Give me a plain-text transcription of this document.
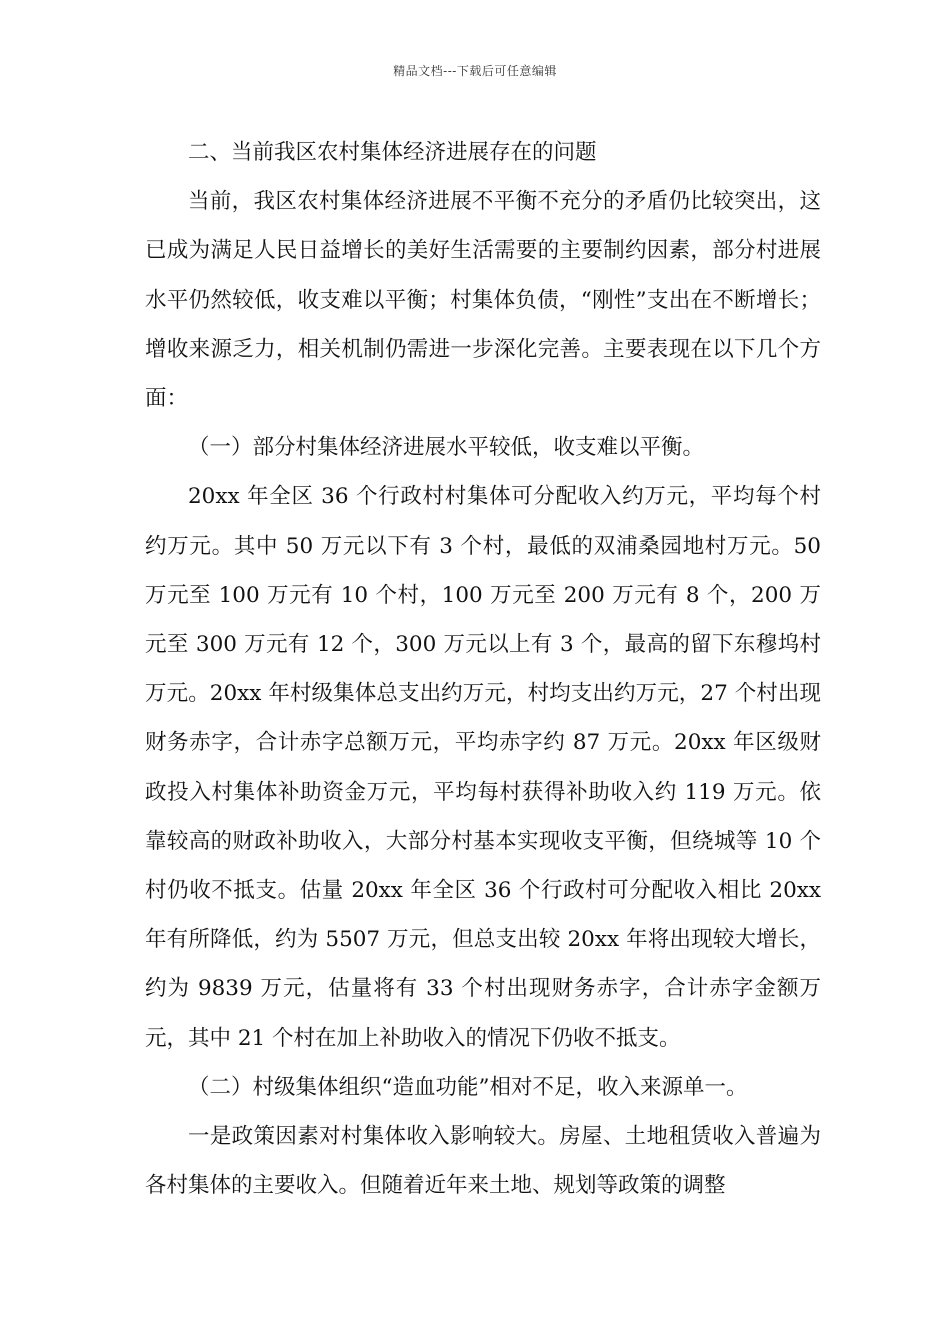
精品文档---下载后可任意编辑

二、当前我区农村集体经济进展存在的问题

当前，我区农村集体经济进展不平衡不充分的矛盾仍比较突出，这已成为满足人民日益增长的美好生活需要的主要制约因素，部分村进展水平仍然较低，收支难以平衡；村集体负债，“刚性”支出在不断增长；增收来源乏力，相关机制仍需进一步深化完善。主要表现在以下几个方面：

（一）部分村集体经济进展水平较低，收支难以平衡。

20xx 年全区 36 个行政村村集体可分配收入约万元，平均每个村约万元。其中 50 万元以下有 3 个村，最低的双浦桑园地村万元。50 万元至 100 万元有 10 个村，100 万元至 200 万元有 8 个，200 万元至 300 万元有 12 个，300 万元以上有 3 个，最高的留下东穆坞村万元。20xx 年村级集体总支出约万元，村均支出约万元，27 个村出现财务赤字，合计赤字总额万元，平均赤字约 87 万元。20xx 年区级财政投入村集体补助资金万元，平均每村获得补助收入约 119 万元。依靠较高的财政补助收入，大部分村基本实现收支平衡，但绕城等 10 个村仍收不抵支。估量 20xx 年全区 36 个行政村可分配收入相比 20xx 年有所降低，约为 5507 万元，但总支出较 20xx 年将出现较大增长，约为 9839 万元，估量将有 33 个村出现财务赤字，合计赤字金额万元，其中 21 个村在加上补助收入的情况下仍收不抵支。

（二）村级集体组织“造血功能”相对不足，收入来源单一。

一是政策因素对村集体收入影响较大。房屋、土地租赁收入普遍为各村集体的主要收入。但随着近年来土地、规划等政策的调整
